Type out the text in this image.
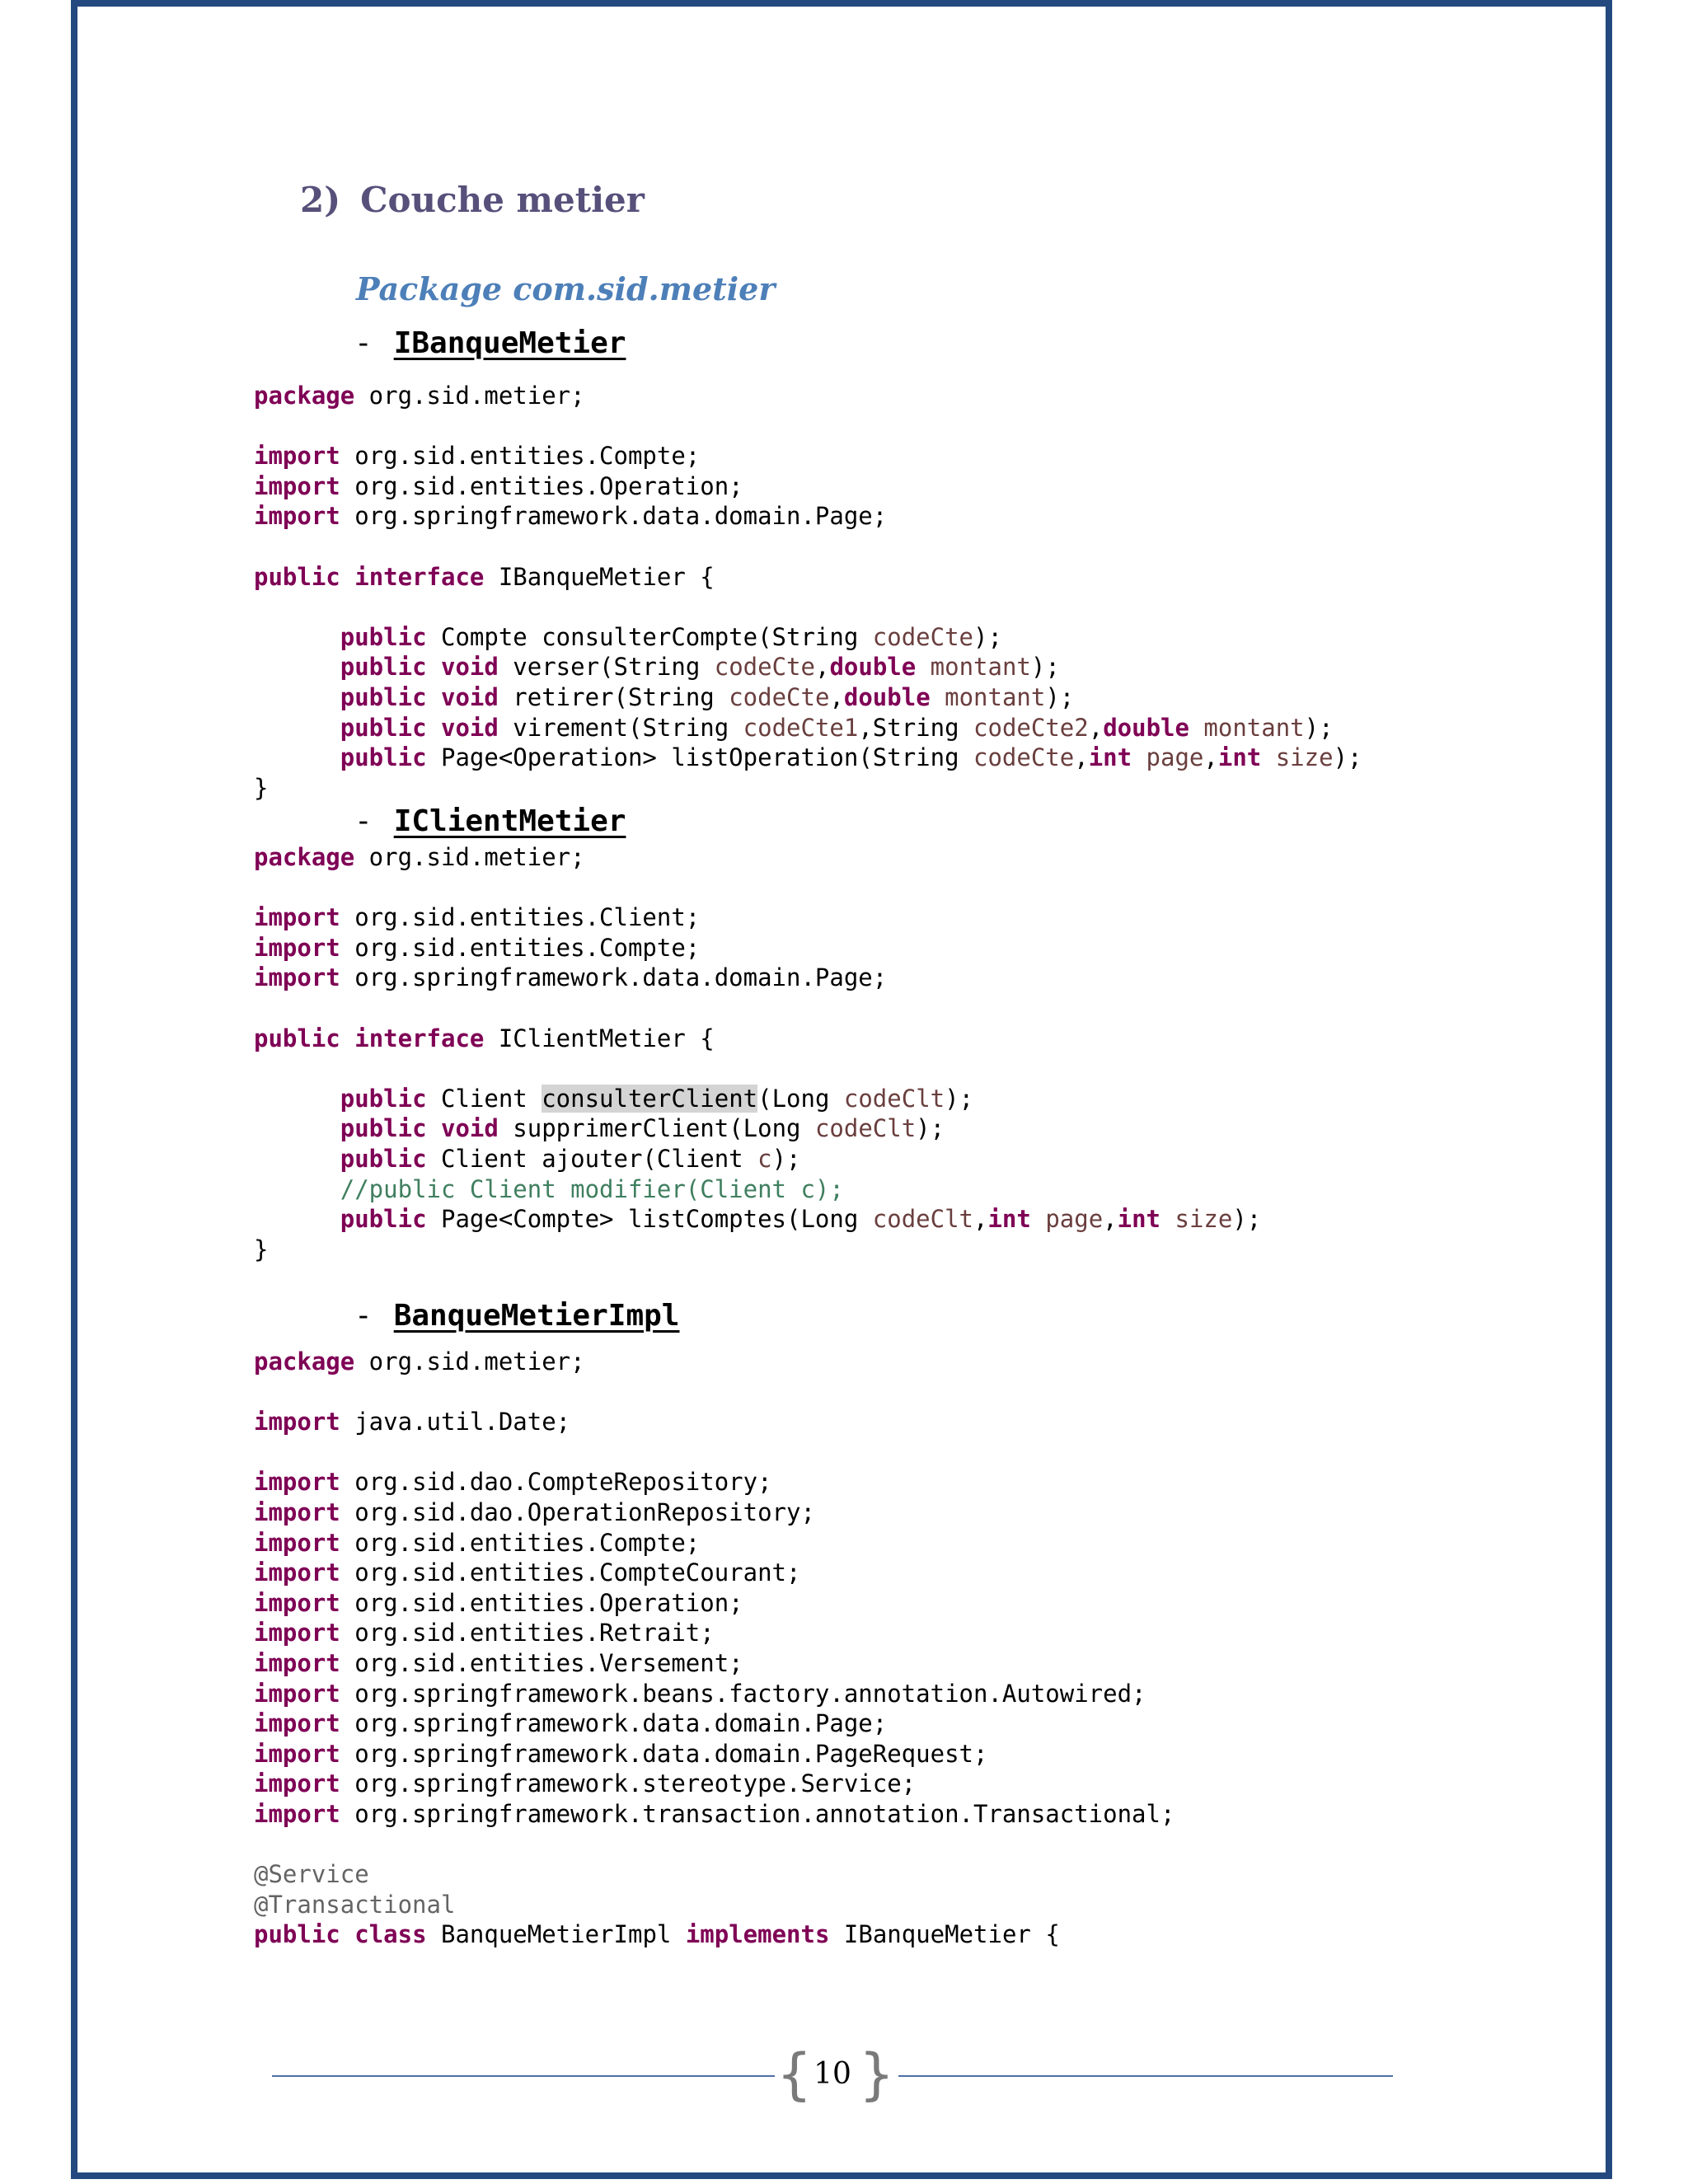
2) Couche metier
Package com.sid.metier
- IBanqueMetier
package org.sid.metier;

import org.sid.entities.Compte;
import org.sid.entities.Operation;
import org.springframework.data.domain.Page;

public interface IBanqueMetier {

public Compte consulterCompte(String codeCte);
public void verser(String codeCte,double montant);
public void retirer(String codeCte,double montant);
public void virement(String codeCte1,String codeCte2,double montant);
public Page<Operation> listOperation(String codeCte,int page,int size);
}
- IClientMetier
package org.sid.metier;

import org.sid.entities.Client;
import org.sid.entities.Compte;
import org.springframework.data.domain.Page;

public interface IClientMetier {

public Client consulterClient(Long codeClt);
public void supprimerClient(Long codeClt);
public Client ajouter(Client c);
//public Client modifier(Client c);
public Page<Compte> listComptes(Long codeClt,int page,int size);
}
- BanqueMetierImpl
package org.sid.metier;

import java.util.Date;

import org.sid.dao.CompteRepository;
import org.sid.dao.OperationRepository;
import org.sid.entities.Compte;
import org.sid.entities.CompteCourant;
import org.sid.entities.Operation;
import org.sid.entities.Retrait;
import org.sid.entities.Versement;
import org.springframework.beans.factory.annotation.Autowired;
import org.springframework.data.domain.Page;
import org.springframework.data.domain.PageRequest;
import org.springframework.stereotype.Service;
import org.springframework.transaction.annotation.Transactional;

@Service
@Transactional
public class BanqueMetierImpl implements IBanqueMetier {
{ 10 }
